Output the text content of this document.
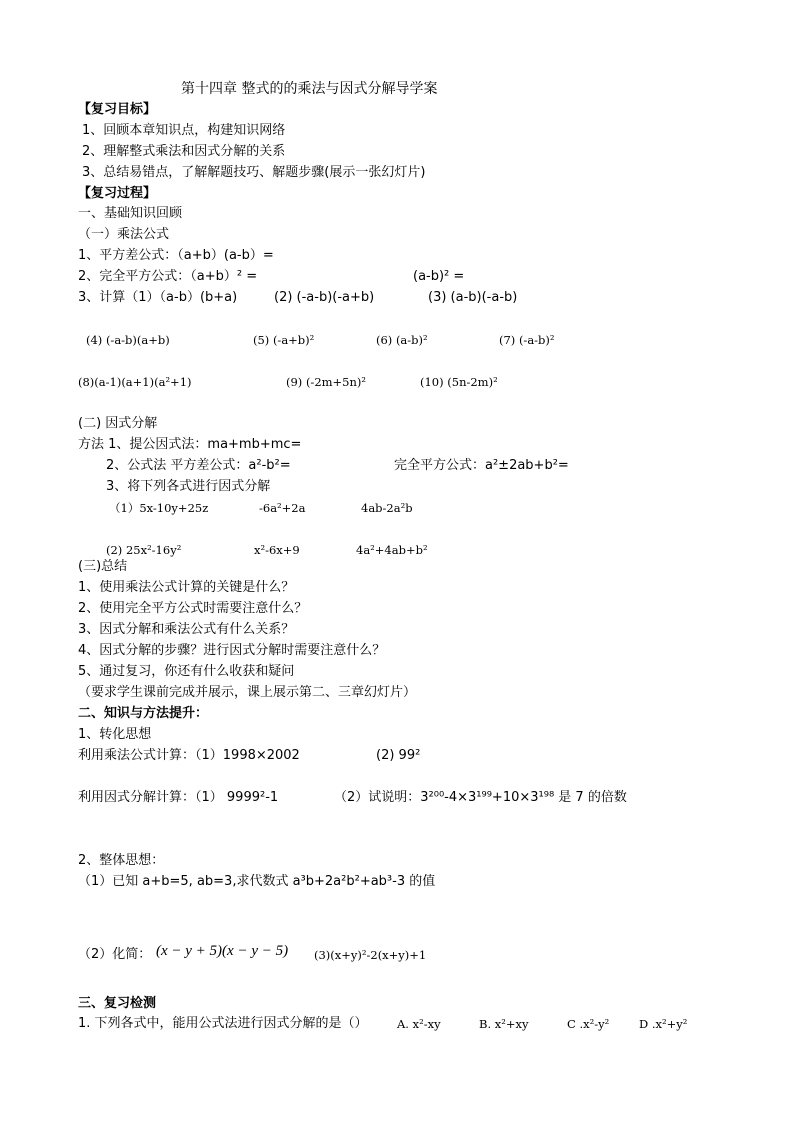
第十四章 整式的的乘法与因式分解导学案
【复习目标】
1、回顾本章知识点，构建知识网络
2、理解整式乘法和因式分解的关系
3、总结易错点，了解解题技巧、解题步骤(展示一张幻灯片)
【复习过程】
一、基础知识回顾
（一）乘法公式
1、平方差公式：（a+b）(a-b）=
2、完全平方公式：（a+b）² =	(a-b)² =
3、计算（1）（a-b）(b+a)	(2) (-a-b)(-a+b)	(3) (a-b)(-a-b)
(4) (-a-b)(a+b)	(5) (-a+b)²	(6) (a-b)²	(7) (-a-b)²
(8)(a-1)(a+1)(a²+1)	(9) (-2m+5n)²	(10) (5n-2m)²
(二) 因式分解
方法 1、提公因式法：ma+mb+mc=
2、公式法 平方差公式：a²-b²=	完全平方公式：a²±2ab+b²=
3、将下列各式进行因式分解
（1）5x-10y+25z	-6a²+2a	4ab-2a²b
(2) 25x²-16y²	x²-6x+9	4a²+4ab+b²
(三)总结
1、使用乘法公式计算的关键是什么？
2、使用完全平方公式时需要注意什么？
3、因式分解和乘法公式有什么关系？
4、因式分解的步骤？进行因式分解时需要注意什么？
5、通过复习，你还有什么收获和疑问
（要求学生课前完成并展示，课上展示第二、三章幻灯片）
二、知识与方法提升：
1、转化思想
利用乘法公式计算：（1）1998×2002	(2) 99²
利用因式分解计算：（1） 9999²-1	（2）试说明：3²⁰⁰-4×3¹⁹⁹+10×3¹⁹⁸ 是 7 的倍数
2、整体思想：
（1）已知 a+b=5, ab=3,求代数式 a³b+2a²b²+ab³-3 的值
（2）化简： (x − y + 5)(x − y − 5) (3)(x+y)²-2(x+y)+1
三、复习检测
1. 下列各式中，能用公式法进行因式分解的是（）	A. x²-xy	B. x²+xy	C .x²-y²	D .x²+y²
